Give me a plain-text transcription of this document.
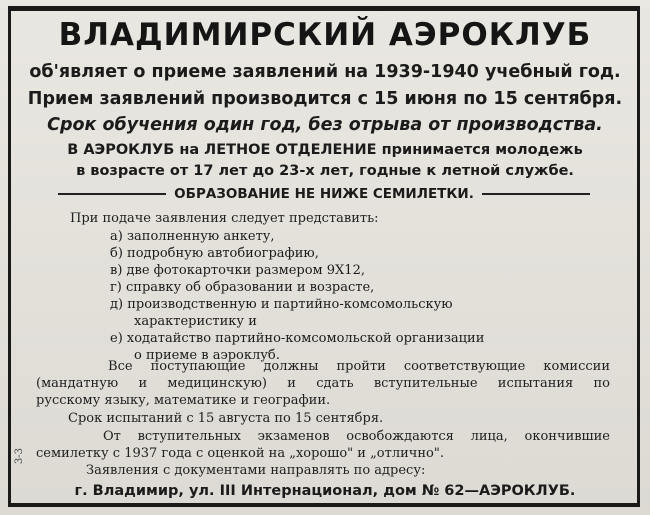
3-3
ВЛАДИМИРСКИЙ АЭРОКЛУБ
об'являет о приеме заявлений на 1939-1940 учебный год.
Прием заявлений производится с 15 июня по 15 сентября.
Срок обучения один год, без отрыва от производства.
В АЭРОКЛУБ на ЛЕТНОЕ ОТДЕЛЕНИЕ принимается молодежь
в возрасте от 17 лет до 23-х лет, годные к летной службе.
ОБРАЗОВАНИЕ НЕ НИЖЕ СЕМИЛЕТКИ.
При подаче заявления следует представить:
а) заполненную анкету,
б) подробную автобиографию,
в) две фотокарточки размером 9Х12,
г) справку об образовании и возрасте,
д) производственную и партийно-комсомольскую
характеристику и
е) ходатайство партийно-комсомольской организации
о приеме в аэроклуб.
Все поступающие должны пройти соответствующие комиссии
(мандатную и медицинскую) и сдать вступительные испытания по
русскому языку, математике и географии.
Срок испытаний с 15 августа по 15 сентября.
От вступительных экзаменов освобождаются лица, окончившие
семилетку с 1937 года с оценкой на „хорошо" и „отлично".
Заявления с документами направлять по адресу:
г. Владимир, ул. III Интернационал, дом № 62—АЭРОКЛУБ.
